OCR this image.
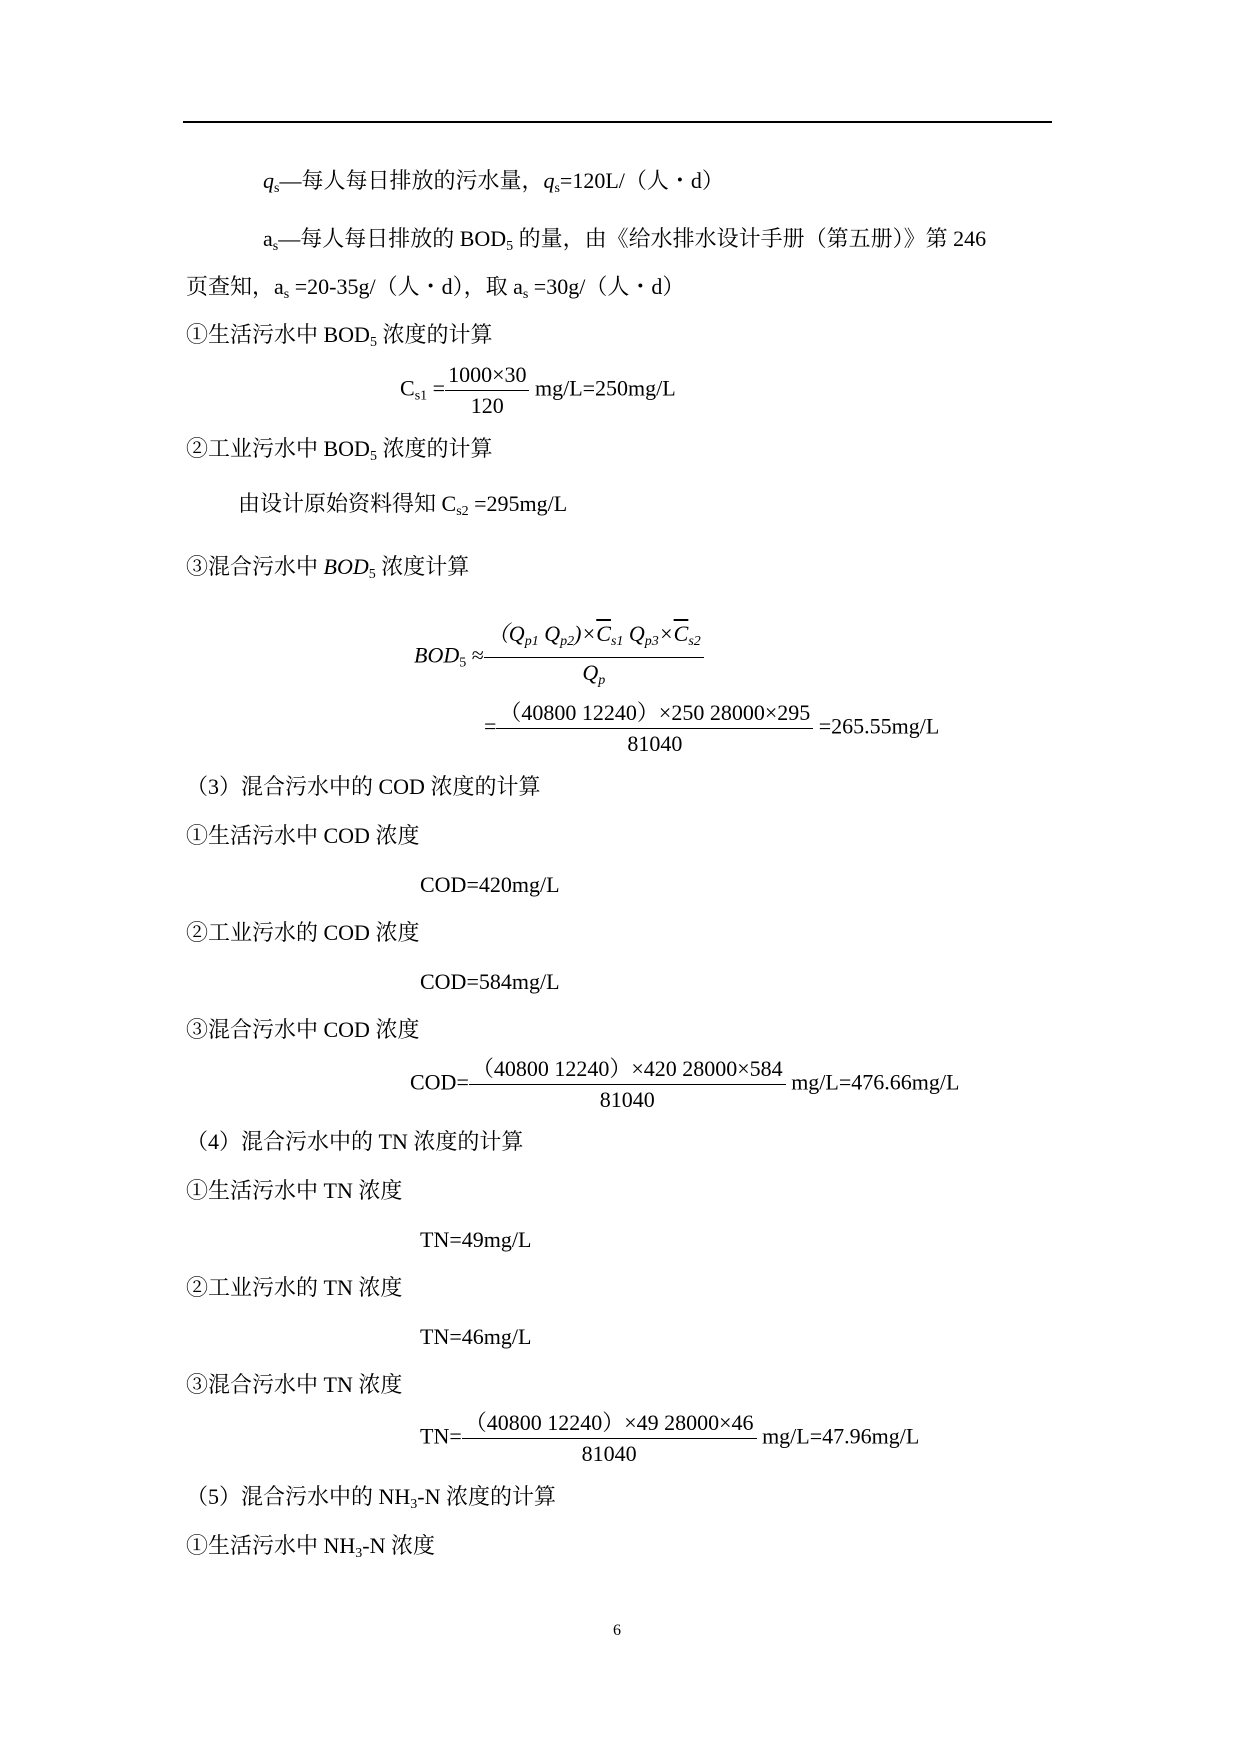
$q_s—$每人每日排放的污水量，$q_s=120L/$（人・d）
$a_s—$每人每日排放的 $BOD_5$ 的量，由《给水排水设计手册（第五册）》第 246
页查知，$a_s =20-35g/$（人・d），取 $a_s =30g/$（人・d）
①生活污水中 $BOD_5$ 浓度的计算
$C_{s1} = \frac{1000\times 30}{120} mg/L=250mg/L$
②工业污水中 $BOD_5$ 浓度的计算
由设计原始资料得知 $C_{s2} =295mg/L$
③混合污水中 $BOD_5$ 浓度计算
$BOD_5 \approx \frac{(Q_{p1} Q_{p2})\times\overline{C}_{s1} Q_{p3}\times\overline{C}_{s2}}{Q_p}$
= $\frac{(40800 12240)\times 250 28000\times 295}{81040} =265.55mg/L$
（3）混合污水中的 COD 浓度的计算
①生活污水中 COD 浓度
COD=420mg/L
②工业污水的 COD 浓度
COD=584mg/L
③混合污水中 COD 浓度
$COD= \frac{(40800 12240)\times 420 28000\times 584}{81040} mg/L=476.66mg/L$
（4）混合污水中的 TN 浓度的计算
①生活污水中 TN 浓度
TN=49mg/L
②工业污水的 TN 浓度
TN=46mg/L
③混合污水中 TN 浓度
$TN= \frac{(40800 12240)\times 49 28000\times 46}{81040} mg/L=47.96mg/L$
（5）混合污水中的 $NH_3-N$ 浓度的计算
①生活污水中 $NH_3-N$ 浓度
6
